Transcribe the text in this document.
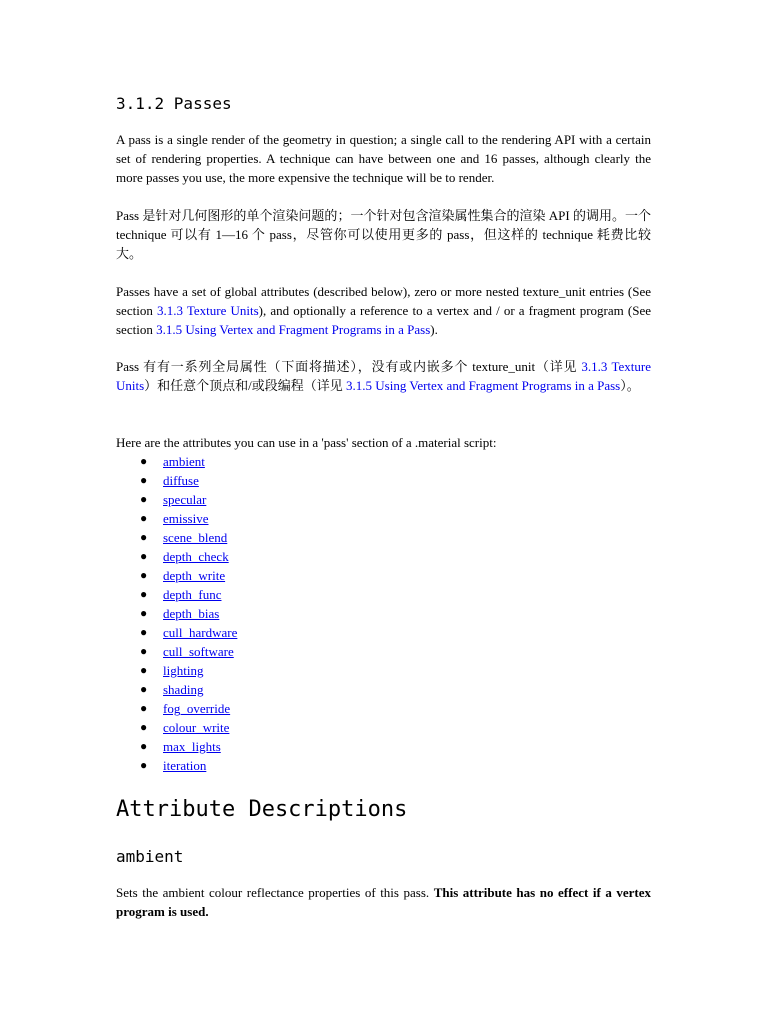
3.1.2 Passes

A pass is a single render of the geometry in question; a single call to the rendering API with a certain set of rendering properties. A technique can have between one and 16 passes, although clearly the more passes you use, the more expensive the technique will be to render.

Pass 是针对几何图形的单个渲染问题的；一个针对包含渲染属性集合的渲染 API 的调用。一个 technique 可以有 1—16 个 pass，尽管你可以使用更多的 pass，但这样的 technique 耗费比较大。

Passes have a set of global attributes (described below), zero or more nested texture_unit entries (See section 3.1.3 Texture Units), and optionally a reference to a vertex and / or a fragment program (See section 3.1.5 Using Vertex and Fragment Programs in a Pass).

Pass 有有一系列全局属性（下面将描述），没有或内嵌多个 texture_unit（详见 3.1.3 Texture Units）和任意个顶点和/或段编程（详见 3.1.5 Using Vertex and Fragment Programs in a Pass）。

Here are the attributes you can use in a 'pass' section of a .material script:

● ambient
● diffuse
● specular
● emissive
● scene_blend
● depth_check
● depth_write
● depth_func
● depth_bias
● cull_hardware
● cull_software
● lighting
● shading
● fog_override
● colour_write
● max_lights
● iteration
Attribute Descriptions
ambient

Sets the ambient colour reflectance properties of this pass. This attribute has no effect if a vertex program is used.
